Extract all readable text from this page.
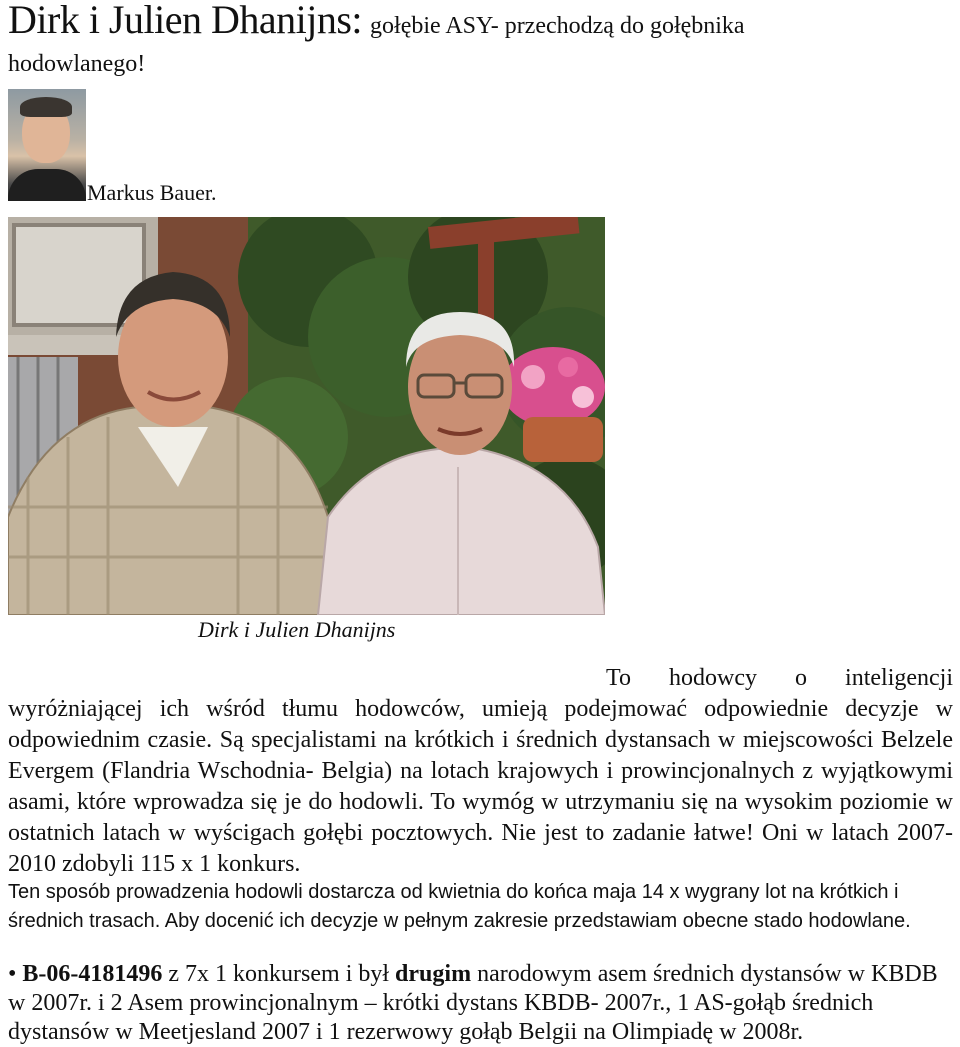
Dirk i Julien Dhanijns: gołębie ASY- przechodzą do gołębnika
hodowlanego!
Markus Bauer.
Dirk i Julien Dhanijns
To hodowcy o inteligencji wyróżniającej ich wśród tłumu hodowców, umieją podejmować odpowiednie decyzje w odpowiednim czasie. Są specjalistami na krótkich i średnich dystansach w miejscowości Belzele Evergem (Flandria Wschodnia- Belgia) na lotach krajowych i prowincjonalnych z wyjątkowymi asami, które wprowadza się je do hodowli. To wymóg w utrzymaniu się na wysokim poziomie w ostatnich latach w wyścigach gołębi pocztowych. Nie jest to zadanie łatwe! Oni w latach 2007-2010 zdobyli 115 x 1 konkurs.
Ten sposób prowadzenia hodowli dostarcza od kwietnia do końca maja 14 x wygrany lot na krótkich i średnich trasach. Aby docenić ich decyzje w pełnym zakresie przedstawiam obecne stado hodowlane.
• B-06-4181496 z 7x 1 konkursem i był drugim narodowym asem średnich dystansów w KBDB w 2007r. i 2 Asem prowincjonalnym – krótki dystans KBDB- 2007r., 1 AS-gołąb średnich dystansów w Meetjesland 2007 i 1 rezerwowy gołąb Belgii na Olimpiadę w 2008r.
